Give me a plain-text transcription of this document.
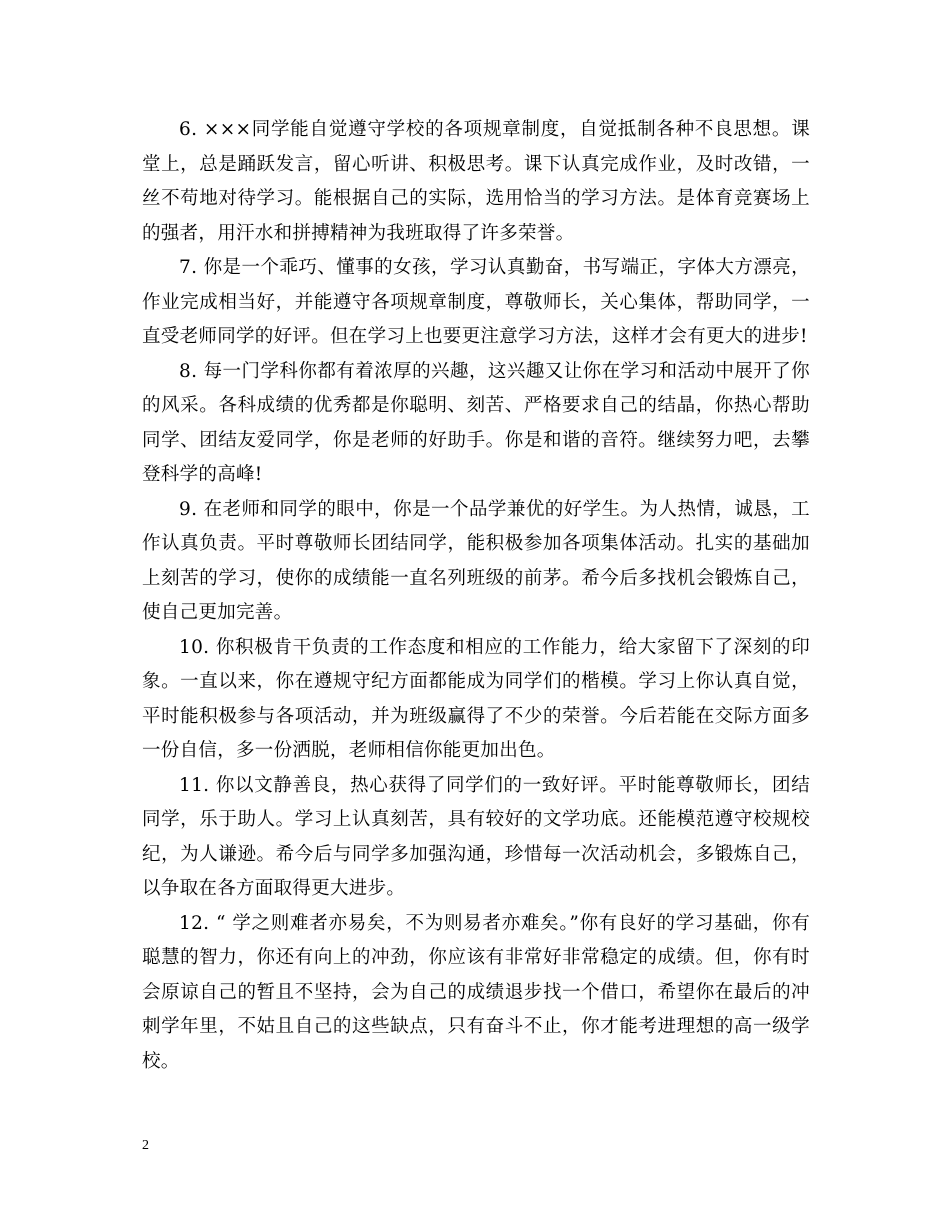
6. ×××同学能自觉遵守学校的各项规章制度，自觉抵制各种不良思想。课堂上，总是踊跃发言，留心听讲、积极思考。课下认真完成作业，及时改错，一丝不苟地对待学习。能根据自己的实际，选用恰当的学习方法。是体育竞赛场上的强者，用汗水和拼搏精神为我班取得了许多荣誉。

7. 你是一个乖巧、懂事的女孩，学习认真勤奋，书写端正，字体大方漂亮，作业完成相当好，并能遵守各项规章制度，尊敬师长，关心集体，帮助同学，一直受老师同学的好评。但在学习上也要更注意学习方法，这样才会有更大的进步!

8. 每一门学科你都有着浓厚的兴趣，这兴趣又让你在学习和活动中展开了你的风采。各科成绩的优秀都是你聪明、刻苦、严格要求自己的结晶，你热心帮助同学、团结友爱同学，你是老师的好助手。你是和谐的音符。继续努力吧，去攀登科学的高峰!

9. 在老师和同学的眼中，你是一个品学兼优的好学生。为人热情，诚恳，工作认真负责。平时尊敬师长团结同学，能积极参加各项集体活动。扎实的基础加上刻苦的学习，使你的成绩能一直名列班级的前茅。希今后多找机会锻炼自己，使自己更加完善。

10. 你积极肯干负责的工作态度和相应的工作能力，给大家留下了深刻的印象。一直以来，你在遵规守纪方面都能成为同学们的楷模。学习上你认真自觉，平时能积极参与各项活动，并为班级赢得了不少的荣誉。今后若能在交际方面多一份自信，多一份洒脱，老师相信你能更加出色。

11. 你以文静善良，热心获得了同学们的一致好评。平时能尊敬师长，团结同学，乐于助人。学习上认真刻苦，具有较好的文学功底。还能模范遵守校规校纪，为人谦逊。希今后与同学多加强沟通，珍惜每一次活动机会，多锻炼自己，以争取在各方面取得更大进步。

12. “ 学之则难者亦易矣，不为则易者亦难矣。”你有良好的学习基础，你有聪慧的智力，你还有向上的冲劲，你应该有非常好非常稳定的成绩。但，你有时会原谅自己的暂且不坚持，会为自己的成绩退步找一个借口，希望你在最后的冲刺学年里，不姑且自己的这些缺点，只有奋斗不止，你才能考进理想的高一级学校。

2
